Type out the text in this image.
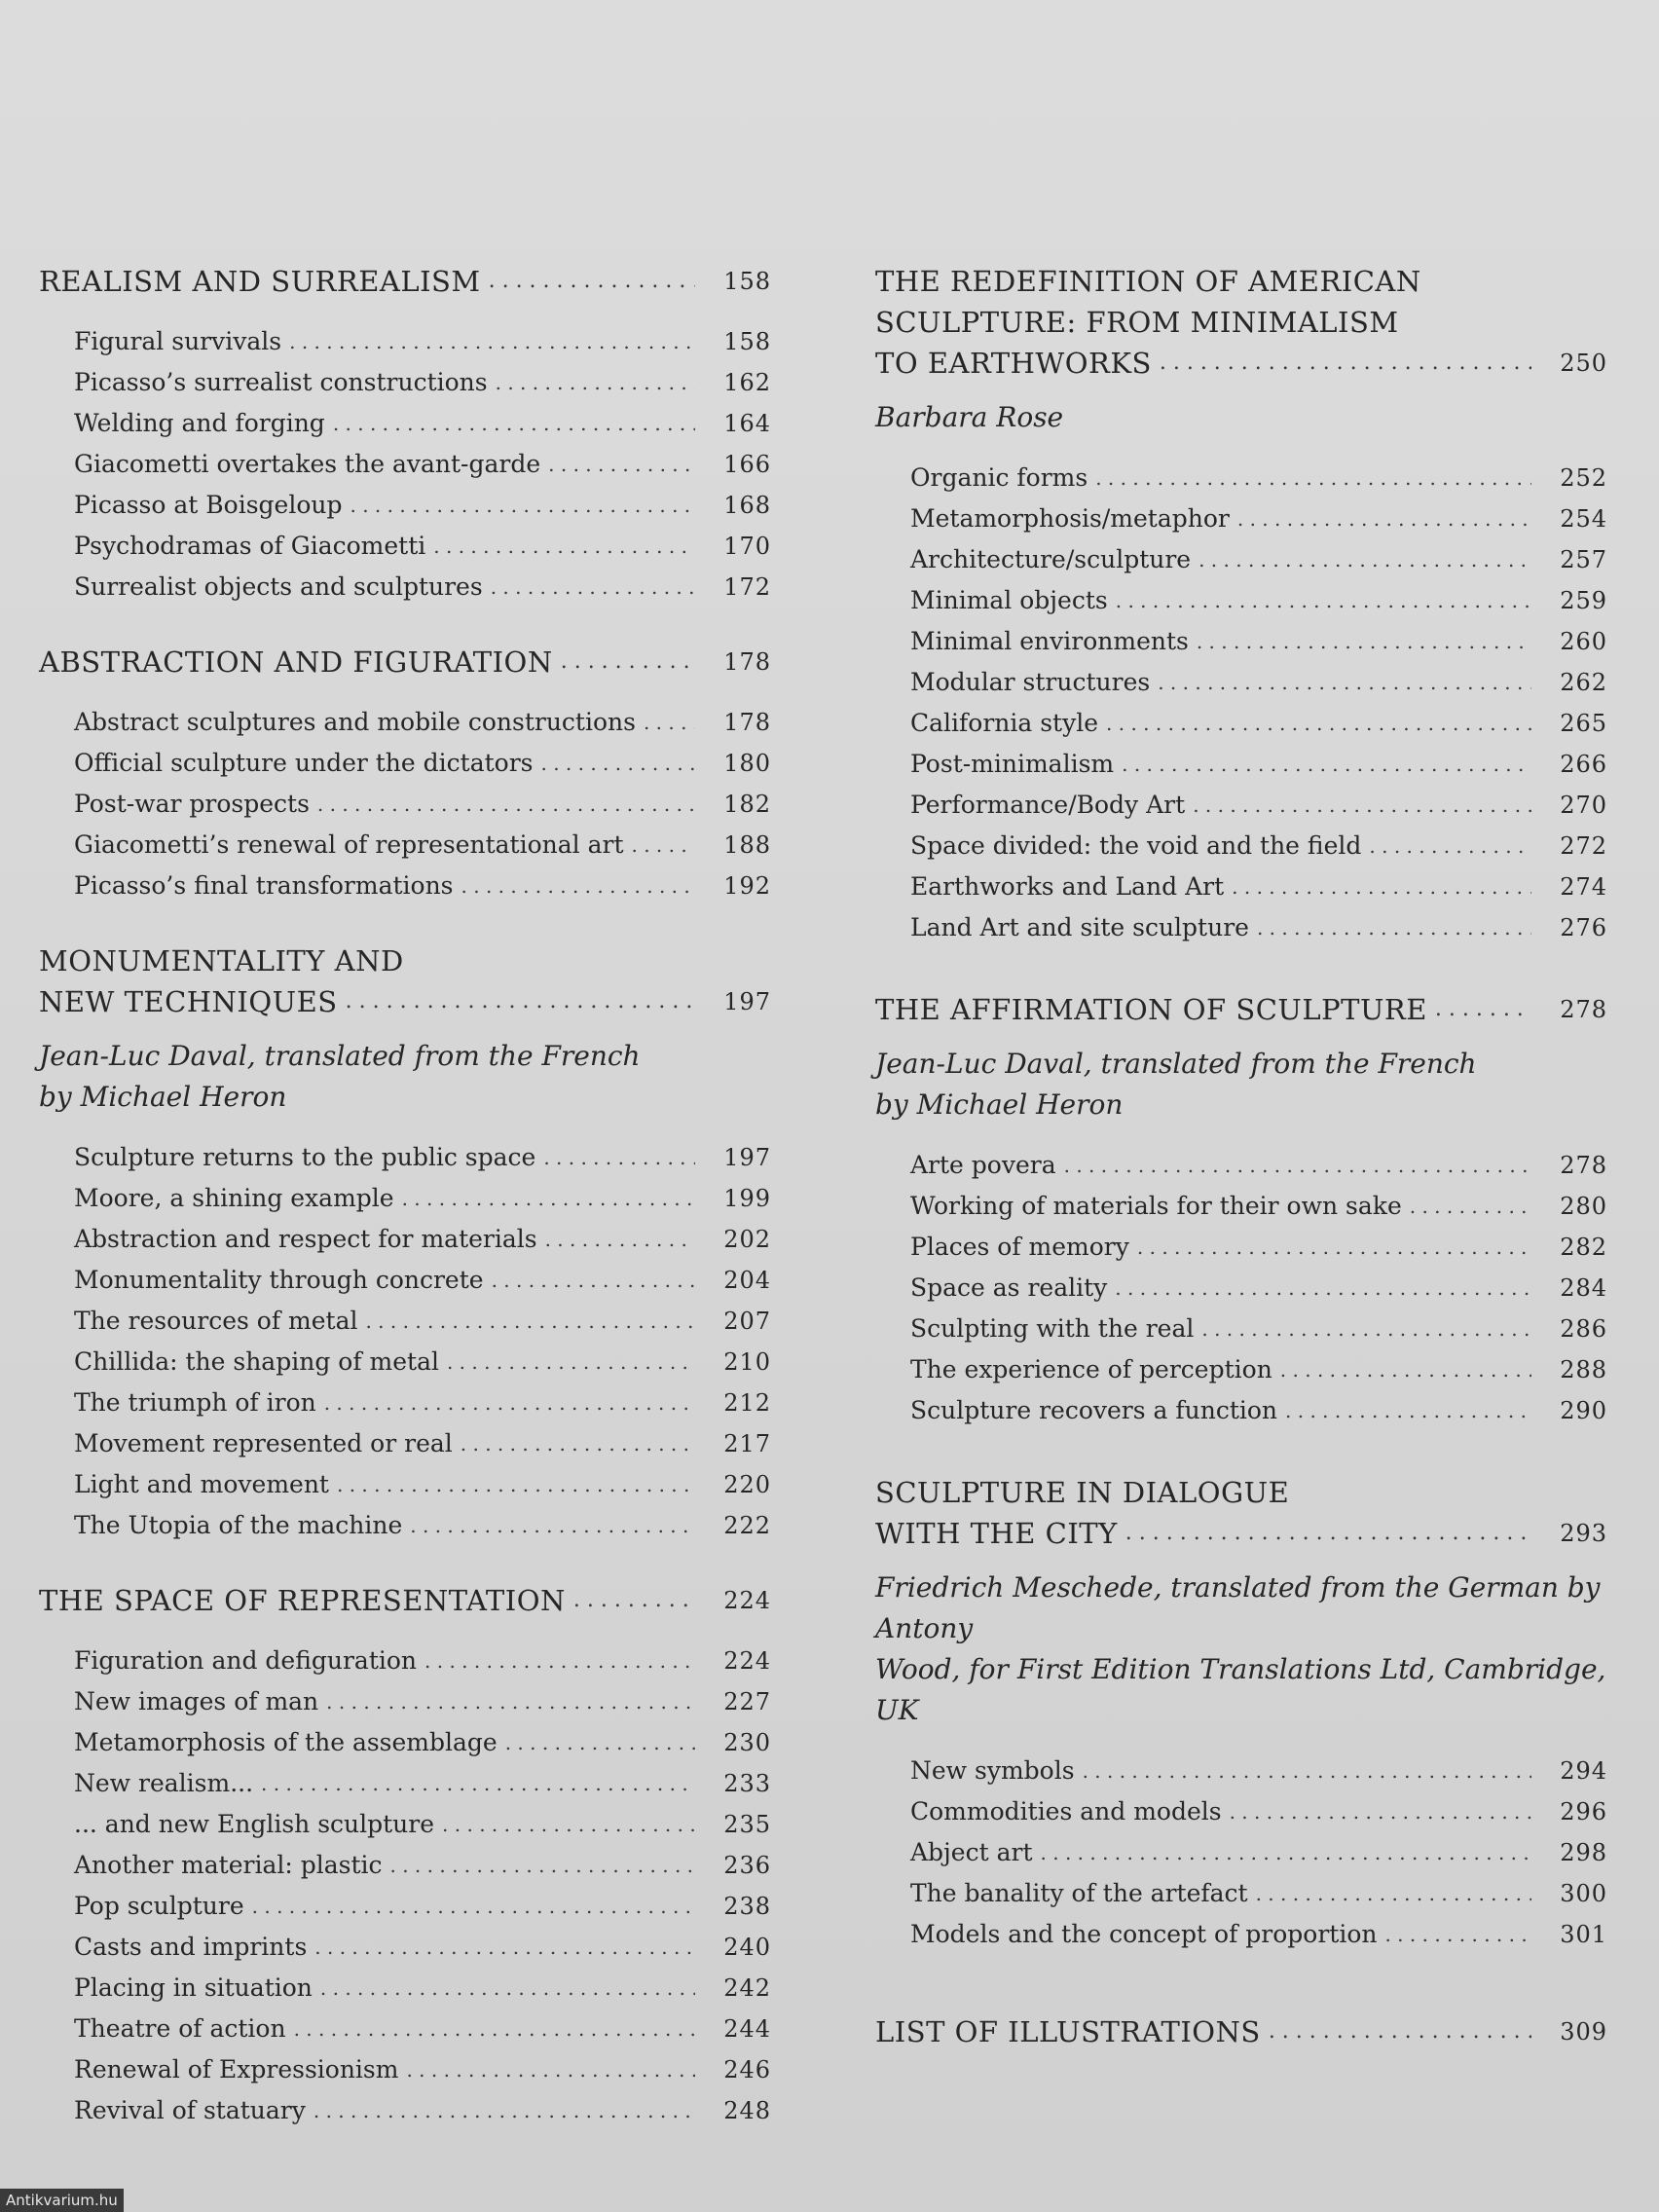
REALISM AND SURREALISM . . .	158
Figural survivals . . .	158
Picasso’s surrealist constructions . . .	162
Welding and forging . . .	164
Giacometti overtakes the avant-garde . . .	166
Picasso at Boisgeloup . . .	168
Psychodramas of Giacometti . . .	170
Surrealist objects and sculptures . . .	172
ABSTRACTION AND FIGURATION . . .	178
Abstract sculptures and mobile constructions . . .	178
Official sculpture under the dictators . . .	180
Post-war prospects . . .	182
Giacometti’s renewal of representational art . . .	188
Picasso’s final transformations . . .	192
MONUMENTALITY AND
NEW TECHNIQUES . . .	197
Jean-Luc Daval, translated from the French
by Michael Heron
Sculpture returns to the public space . . .	197
Moore, a shining example . . .	199
Abstraction and respect for materials . . .	202
Monumentality through concrete . . .	204
The resources of metal . . .	207
Chillida: the shaping of metal . . .	210
The triumph of iron . . .	212
Movement represented or real . . .	217
Light and movement . . .	220
The Utopia of the machine . . .	222
THE SPACE OF REPRESENTATION . . .	224
Figuration and defiguration . . .	224
New images of man . . .	227
Metamorphosis of the assemblage . . .	230
New realism... . . .	233
... and new English sculpture . . .	235
Another material: plastic . . .	236
Pop sculpture . . .	238
Casts and imprints . . .	240
Placing in situation . . .	242
Theatre of action . . .	244
Renewal of Expressionism . . .	246
Revival of statuary . . .	248
THE REDEFINITION OF AMERICAN
SCULPTURE: FROM MINIMALISM
TO EARTHWORKS . . .	250
Barbara Rose
Organic forms . . .	252
Metamorphosis/metaphor . . .	254
Architecture/sculpture . . .	257
Minimal objects . . .	259
Minimal environments . . .	260
Modular structures . . .	262
California style . . .	265
Post-minimalism . . .	266
Performance/Body Art . . .	270
Space divided: the void and the field . . .	272
Earthworks and Land Art . . .	274
Land Art and site sculpture . . .	276
THE AFFIRMATION OF SCULPTURE . . .	278
Jean-Luc Daval, translated from the French
by Michael Heron
Arte povera . . .	278
Working of materials for their own sake . . .	280
Places of memory . . .	282
Space as reality . . .	284
Sculpting with the real . . .	286
The experience of perception . . .	288
Sculpture recovers a function . . .	290
SCULPTURE IN DIALOGUE
WITH THE CITY . . .	293
Friedrich Meschede, translated from the German by Antony
Wood, for First Edition Translations Ltd, Cambridge, UK
New symbols . . .	294
Commodities and models . . .	296
Abject art . . .	298
The banality of the artefact . . .	300
Models and the concept of proportion . . .	301
LIST OF ILLUSTRATIONS . . .	309
Antikvarium.hu
